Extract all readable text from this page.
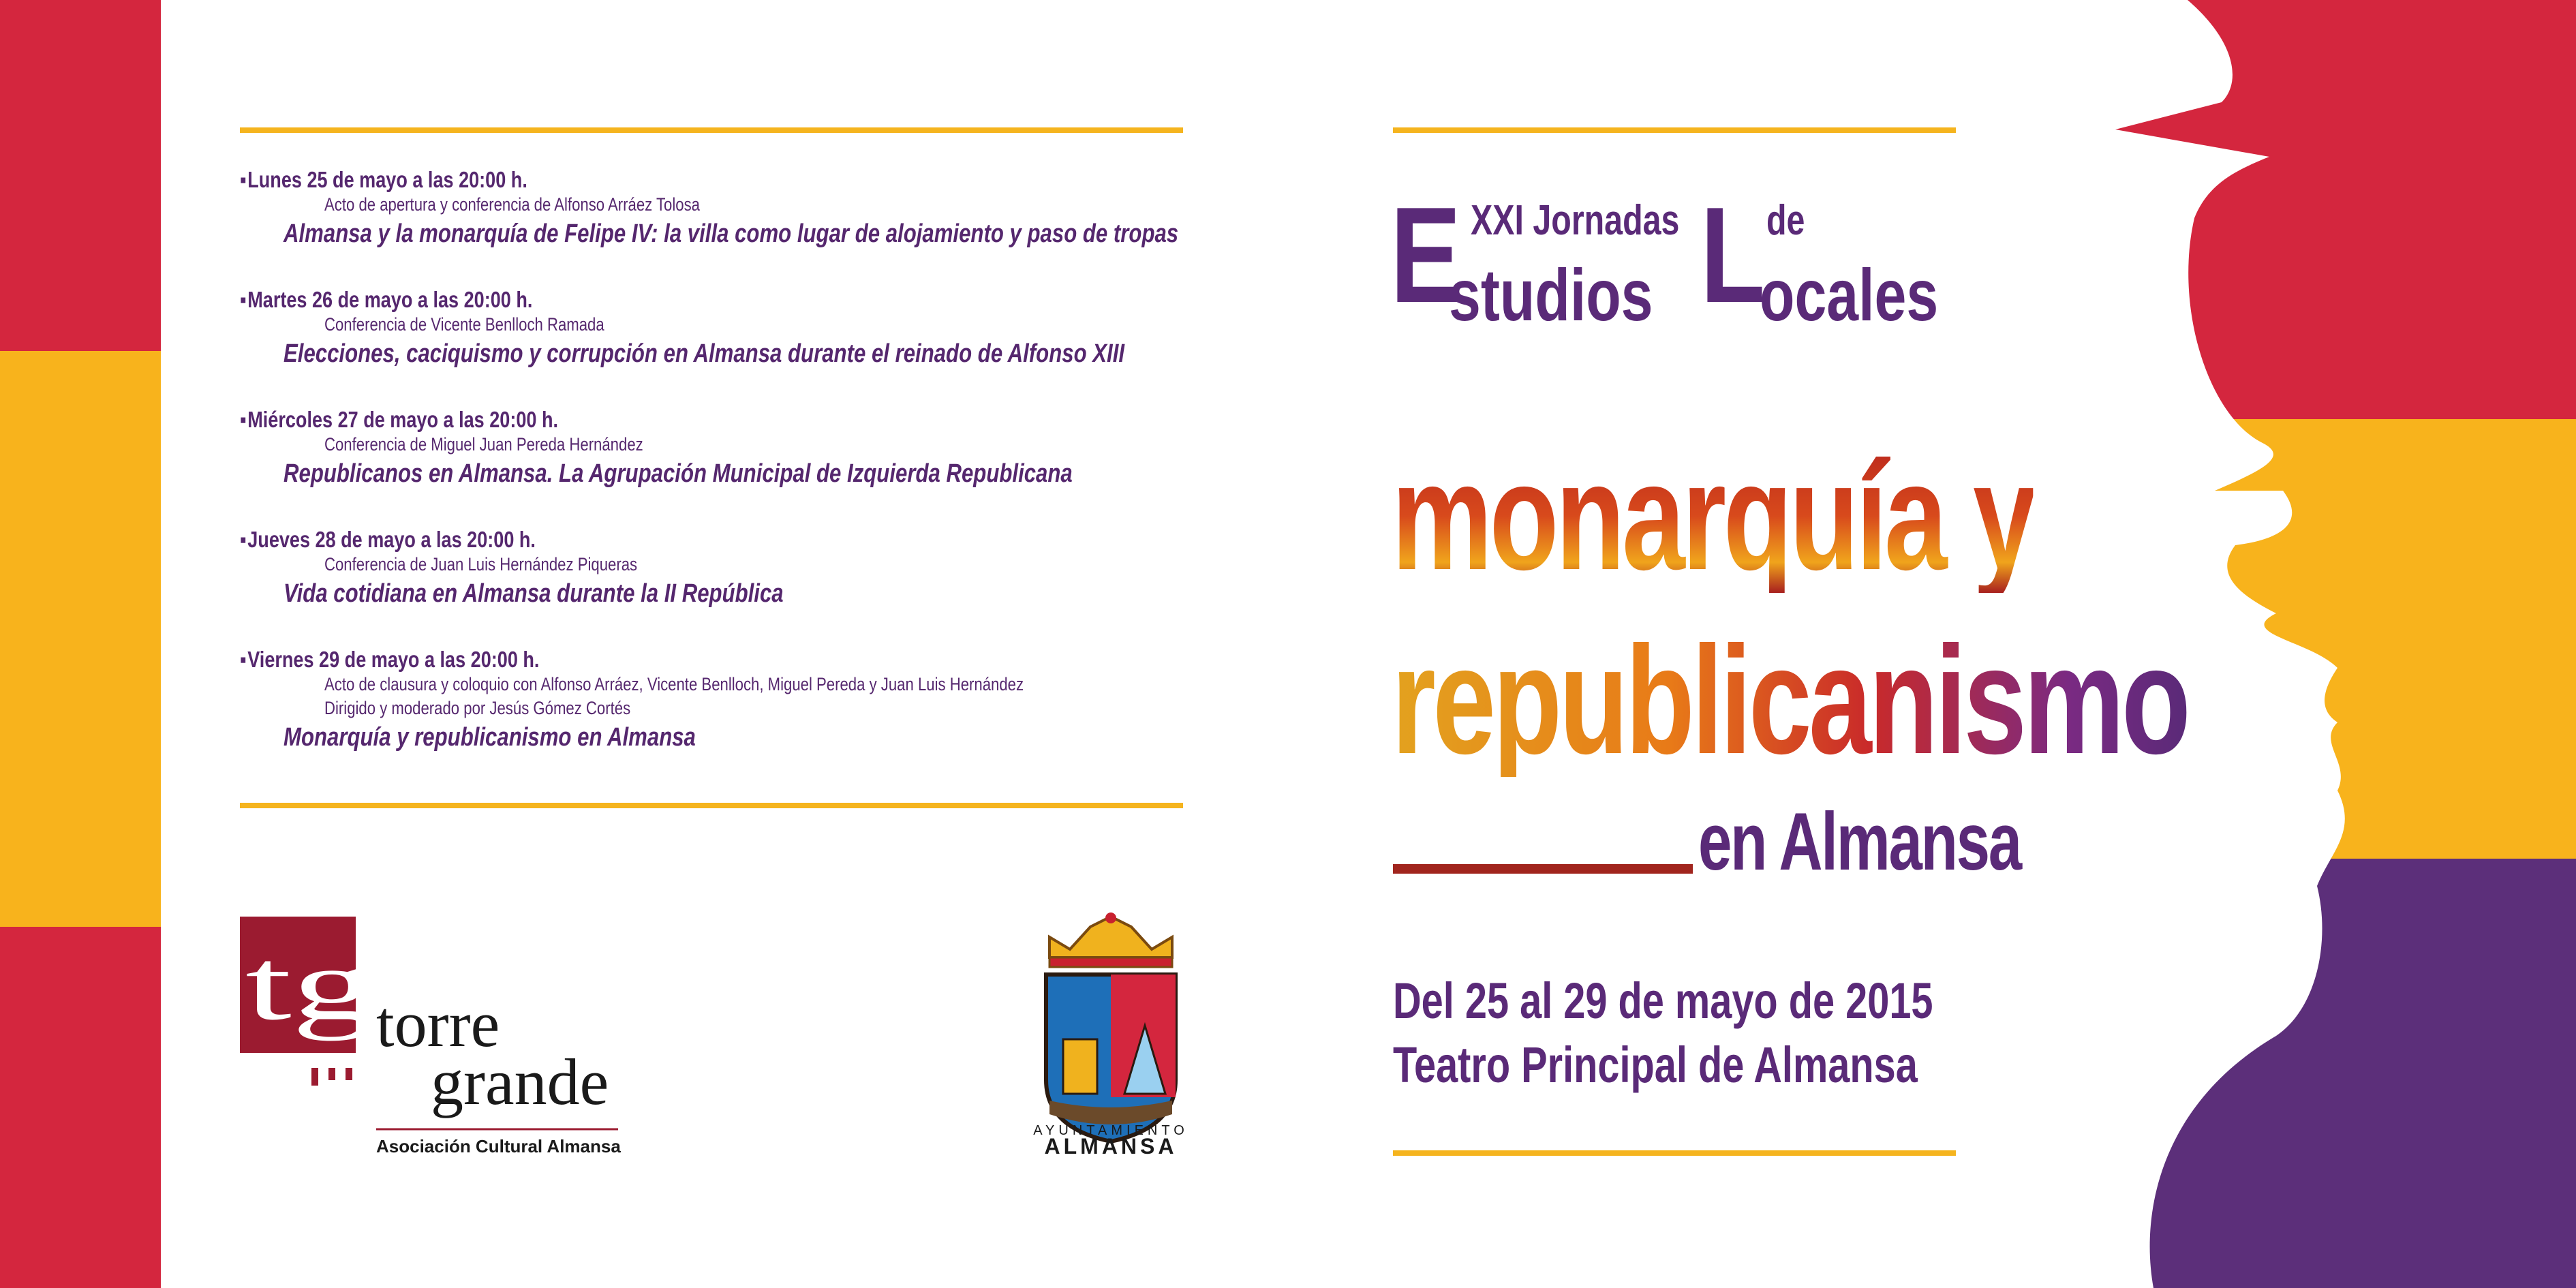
▪ Lunes 25 de mayo a las 20:00 h.
Acto de apertura y conferencia de Alfonso Arráez Tolosa
Almansa y la monarquía de Felipe IV: la villa como lugar de alojamiento y paso de tropas
▪ Martes 26 de mayo a las 20:00 h.
Conferencia de Vicente Benlloch Ramada
Elecciones, caciquismo y corrupción en Almansa durante el reinado de Alfonso XIII
▪ Miércoles 27 de mayo a las 20:00 h.
Conferencia de Miguel Juan Pereda Hernández
Republicanos en Almansa. La Agrupación Municipal de Izquierda Republicana
▪ Jueves 28 de mayo a las 20:00 h.
Conferencia de Juan Luis Hernández Piqueras
Vida cotidiana en Almansa durante la II República
▪ Viernes 29 de mayo a las 20:00 h.
Acto de clausura y coloquio con Alfonso Arráez, Vicente Benlloch, Miguel Pereda y Juan Luis Hernández
Dirigido y moderado por Jesús Gómez Cortés
Monarquía y republicanismo en Almansa
tg torre
grande
Asociación Cultural Almansa
AYUNTAMIENTO
ALMANSA
E XXI Jornadas L de
studios ocales
monarquía y
republicanismo
en Almansa
Del 25 al 29 de mayo de 2015
Teatro Principal de Almansa
